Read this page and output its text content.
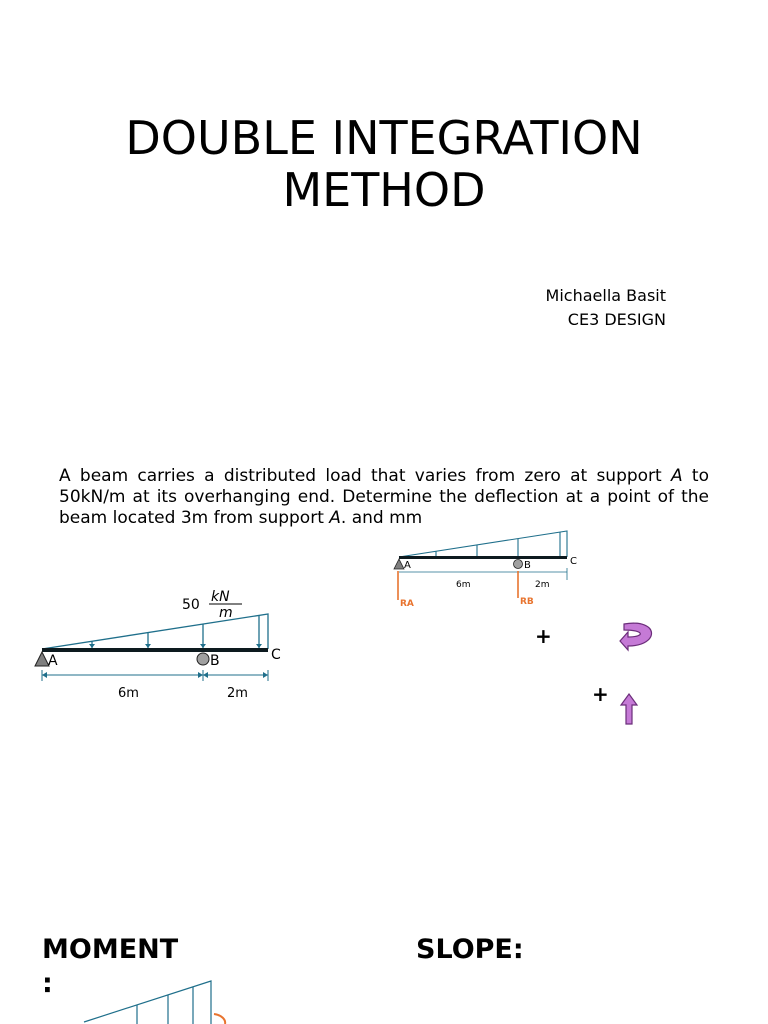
DOUBLE INTEGRATION
METHOD
Michaella Basit
CE3 DESIGN
A beam carries a distributed load that varies from zero at support A to 50kN/m at its overhanging end. Determine the deflection at a point of the beam located 3m from support A. and mm
50 kN
m
A	B	C
6m	2m
A	B	C
6m	2m
RA	RB
+
+
MOMENT
:
SLOPE:
